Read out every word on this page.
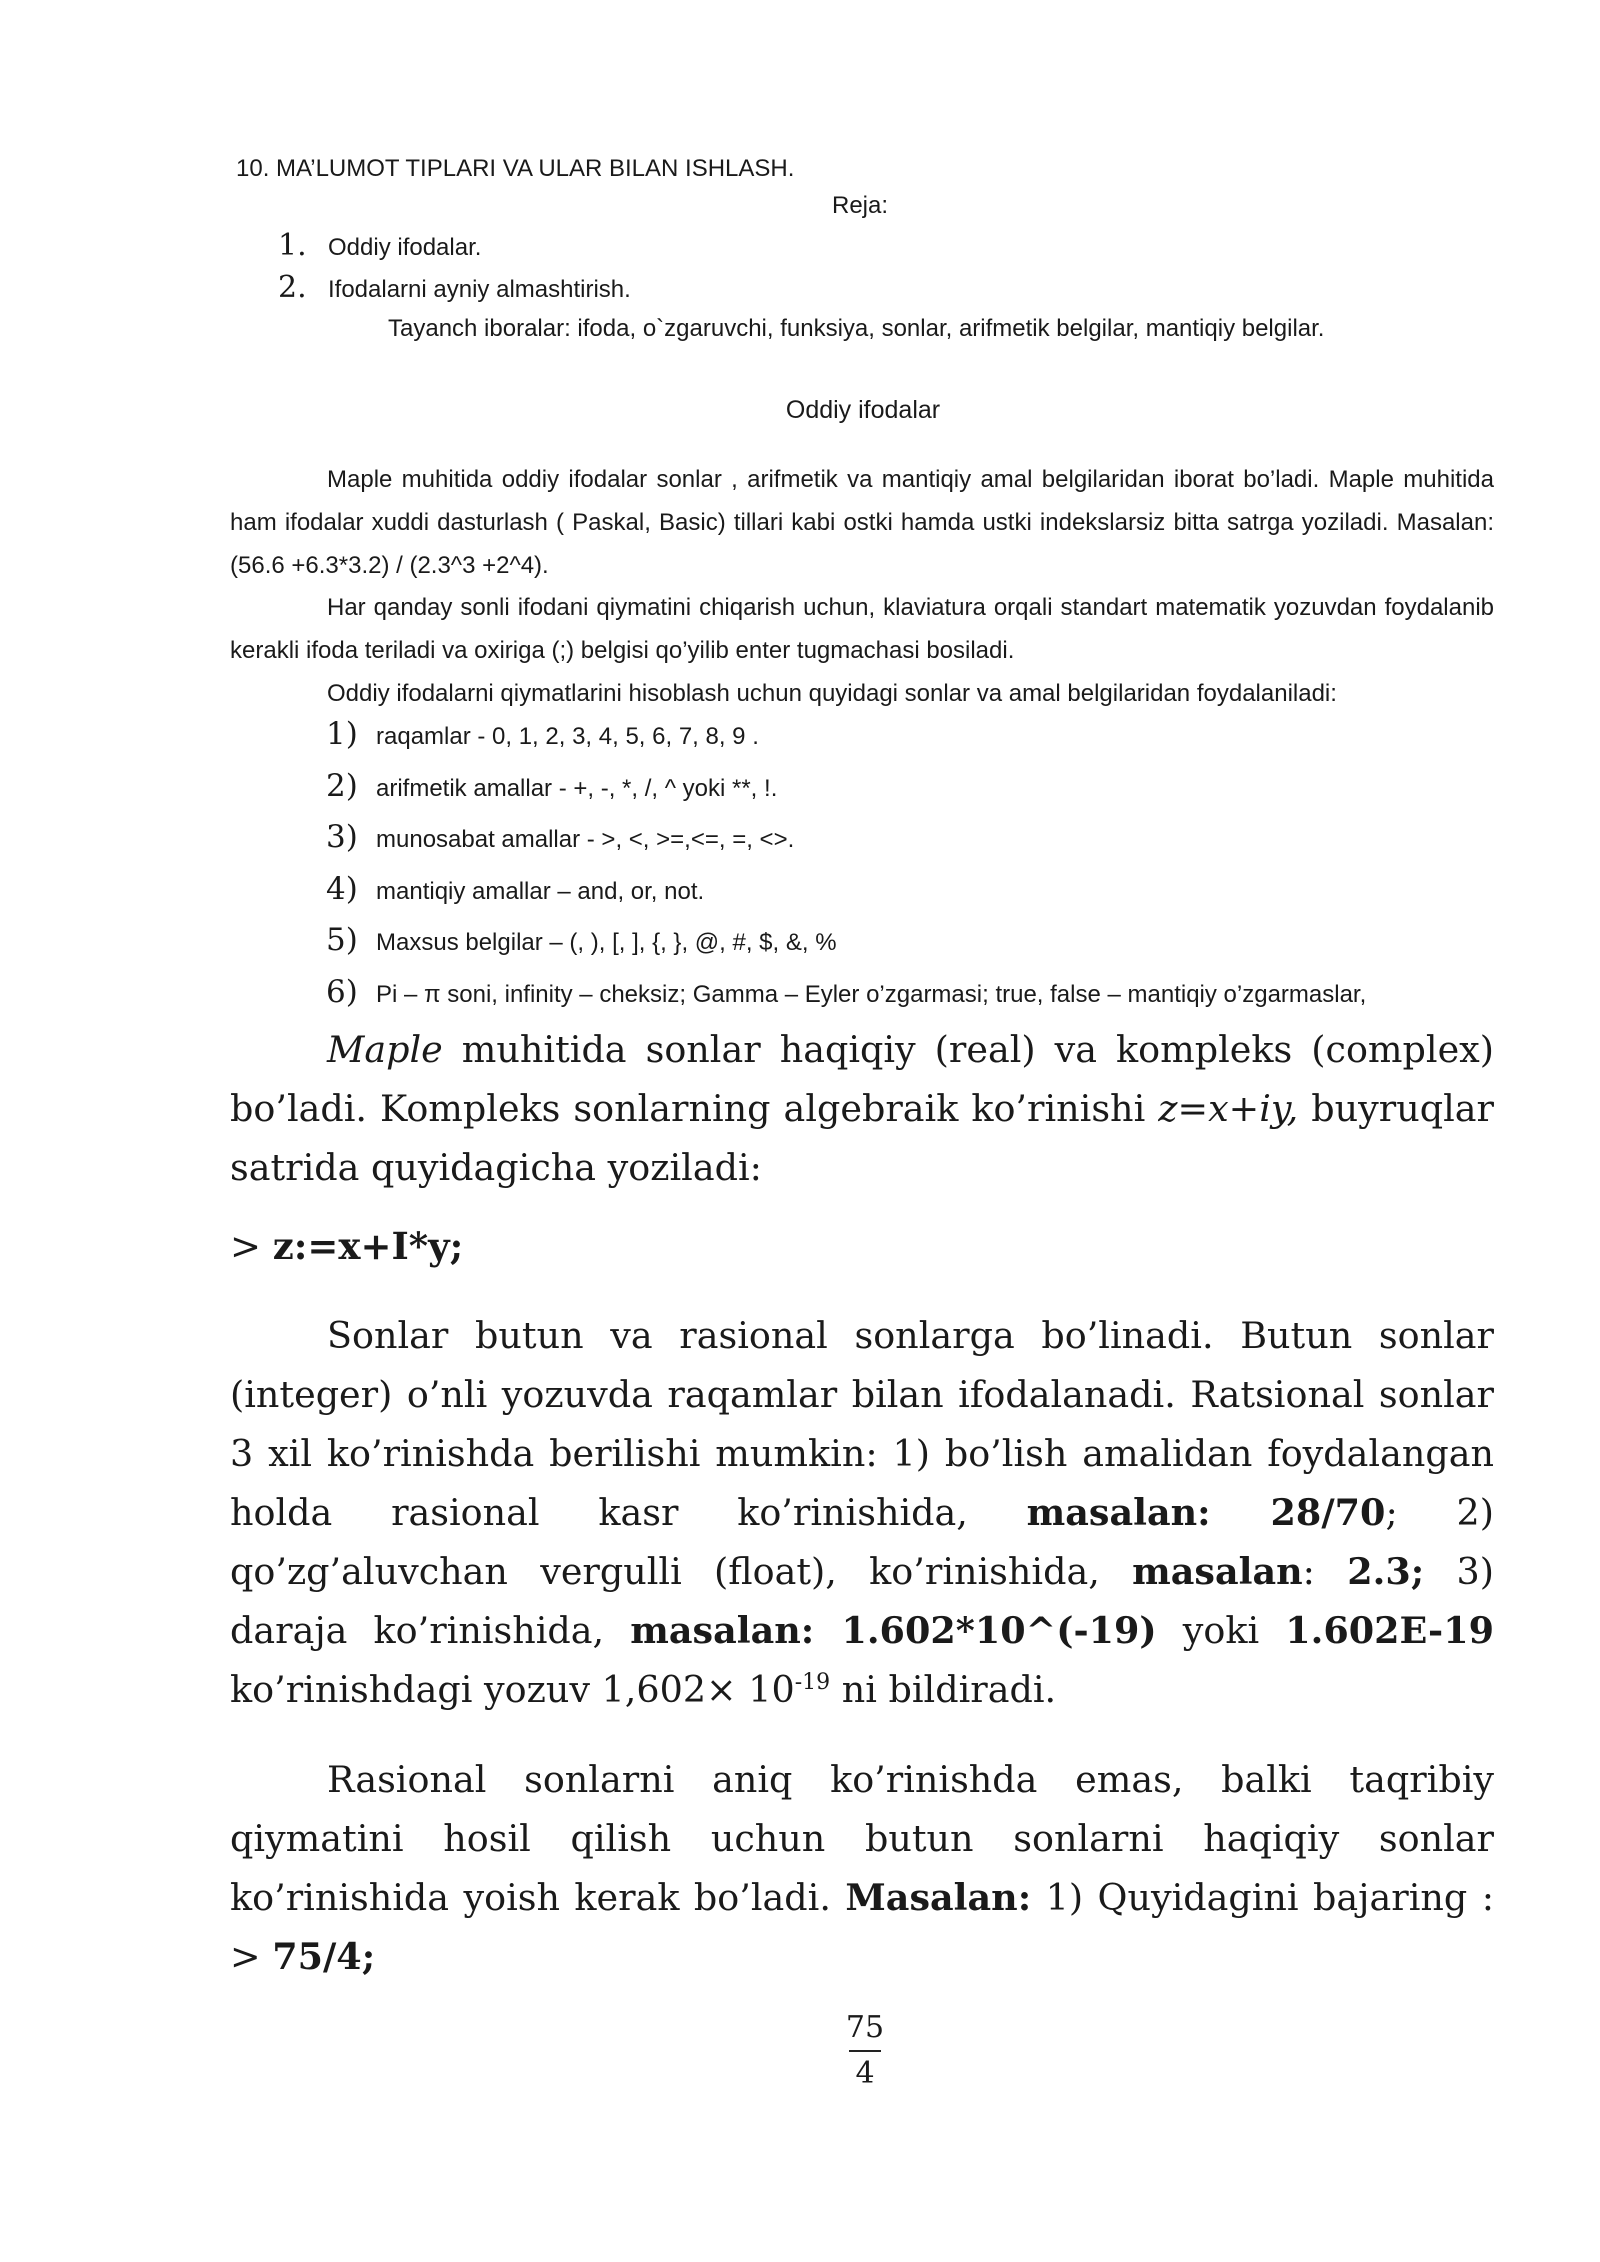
10. MA’LUMOT TIPLARI VA ULAR BILAN ISHLASH.
Reja:
1. Oddiy ifodalar.
2. Ifodalarni ayniy almashtirish.
Tayanch iboralar: ifoda, o`zgaruvchi, funksiya, sonlar, arifmetik belgilar, mantiqiy belgilar.
Oddiy ifodalar

Maple muhitida oddiy ifodalar sonlar , arifmetik va mantiqiy amal belgilaridan iborat bo’ladi. Maple muhitida ham ifodalar xuddi dasturlash ( Paskal, Basic) tillari kabi ostki hamda ustki indekslarsiz bitta satrga yoziladi. Masalan: (56.6 +6.3*3.2) / (2.3^3 +2^4).

Har qanday sonli ifodani qiymatini chiqarish uchun, klaviatura orqali standart matematik yozuvdan foydalanib kerakli ifoda teriladi va oxiriga (;) belgisi qo’yilib enter tugmachasi bosiladi.

Oddiy ifodalarni qiymatlarini hisoblash uchun quyidagi sonlar va amal belgilaridan foydalaniladi:

1) raqamlar - 0, 1, 2, 3, 4, 5, 6, 7, 8, 9 .
2) arifmetik amallar - +, -, *, /, ^ yoki **, !.
3) munosabat amallar - >, <, >=,<=, =, <>.
4) mantiqiy amallar – and, or, not.
5) Maxsus belgilar – (, ), [, ], {, }, @, #, $, &, %
6) Pi – π soni, infinity – cheksiz; Gamma – Eyler o’zgarmasi; true, false – mantiqiy o’zgarmaslar,

Maple muhitida sonlar haqiqiy (real) va kompleks (complex) bo’ladi. Kompleks sonlarning algebraik ko’rinishi z=x+iy, buyruqlar satrida quyidagicha yoziladi:

> z:=x+I*y;

Sonlar butun va rasional sonlarga bo’linadi. Butun sonlar (integer) o’nli yozuvda raqamlar bilan ifodalanadi. Ratsional sonlar 3 xil ko’rinishda berilishi mumkin: 1) bo’lish amalidan foydalangan holda rasional kasr ko’rinishida, masalan: 28/70; 2) qo’zg’aluvchan vergulli (float), ko’rinishida, masalan: 2.3; 3) daraja ko’rinishida, masalan: 1.602*10^(-19) yoki 1.602E-19 ko’rinishdagi yozuv $1,602\times 10^{-19}$ ni bildiradi.

Rasional sonlarni aniq ko’rinishda emas, balki taqribiy qiymatini hosil qilish uchun butun sonlarni haqiqiy sonlar ko’rinishida yoish kerak bo’ladi. Masalan: 1) Quyidagini bajaring : > 75/4;

75
4
